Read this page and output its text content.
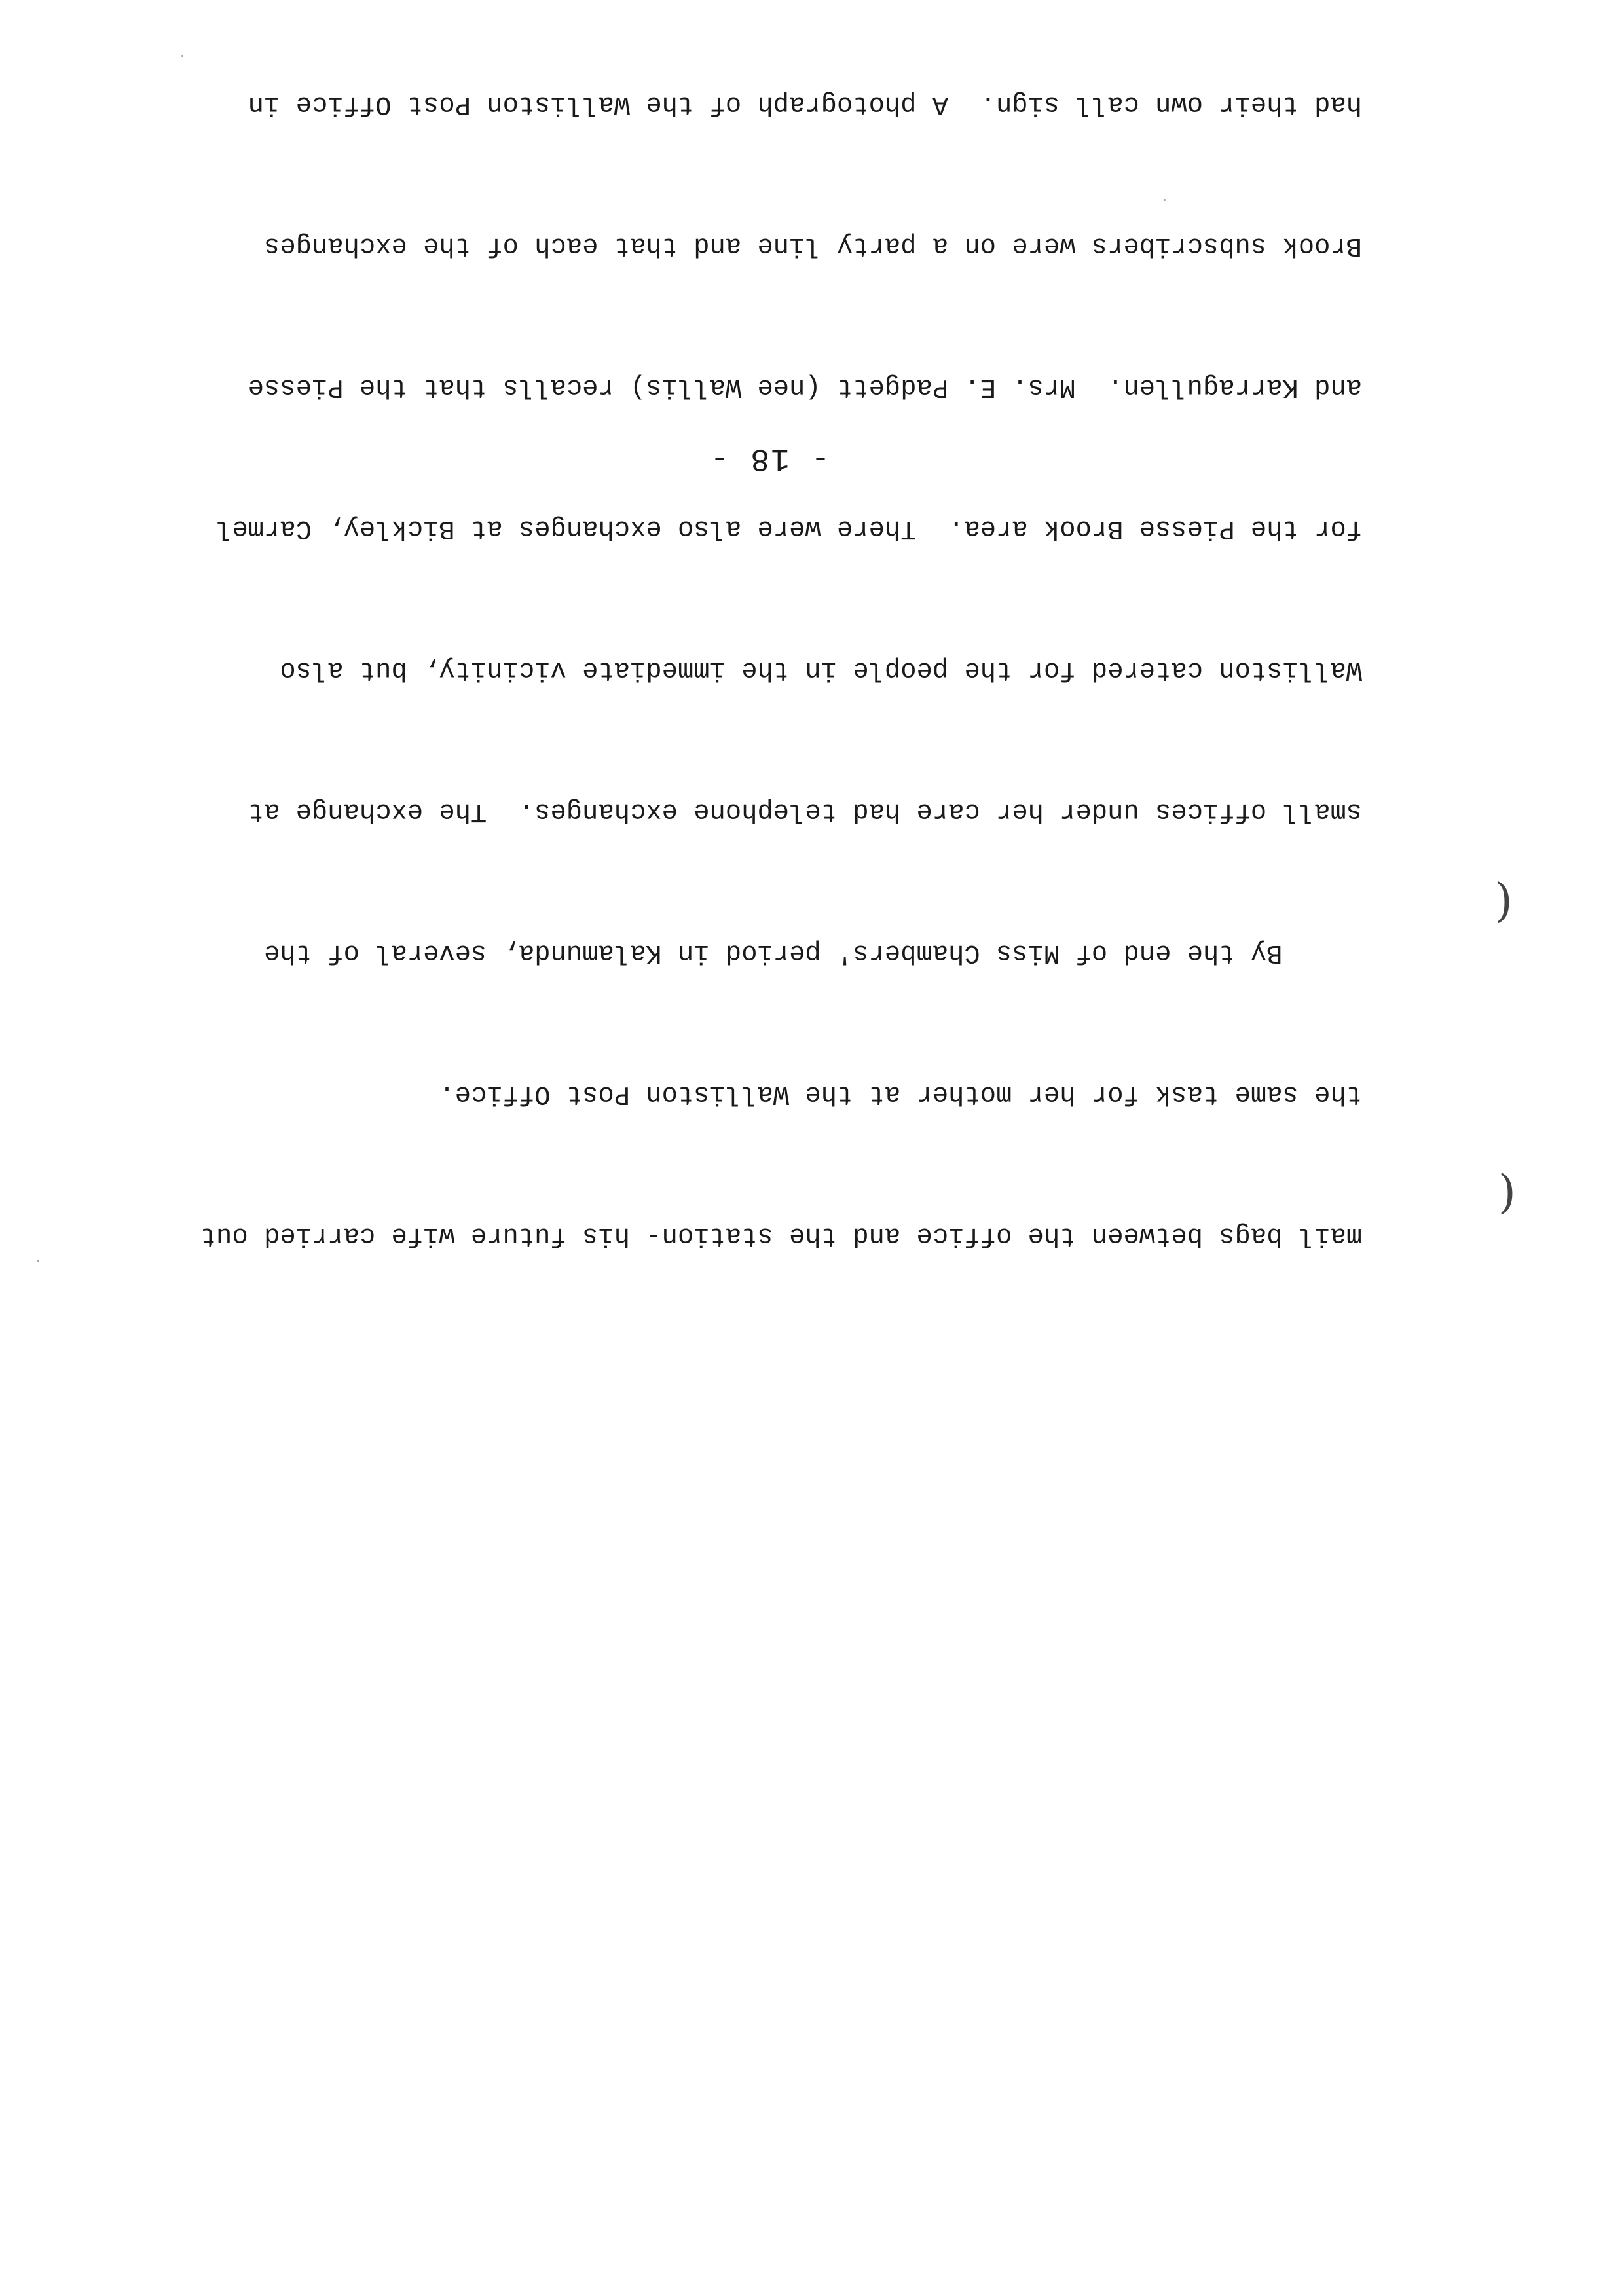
- 18 -

mail bags between the office and the station- his future wife carried out

the same task for her mother at the Walliston Post Office.

By the end of Miss Chambers' period in Kalamunda, several of the

small offices under her care had telephone exchanges.  The exchange at

Walliston catered for the people in the immediate vicinity, but also

for the Piesse Brook area.  There were also exchanges at Bickley, Carmel

and Karragullen.  Mrs. E. Padgett (nee Wallis) recalls that the Piesse

Brook subscribers were on a party line and that each of the exchanges

had their own call sign.  A photograph of the Walliston Post Office in

(
(
